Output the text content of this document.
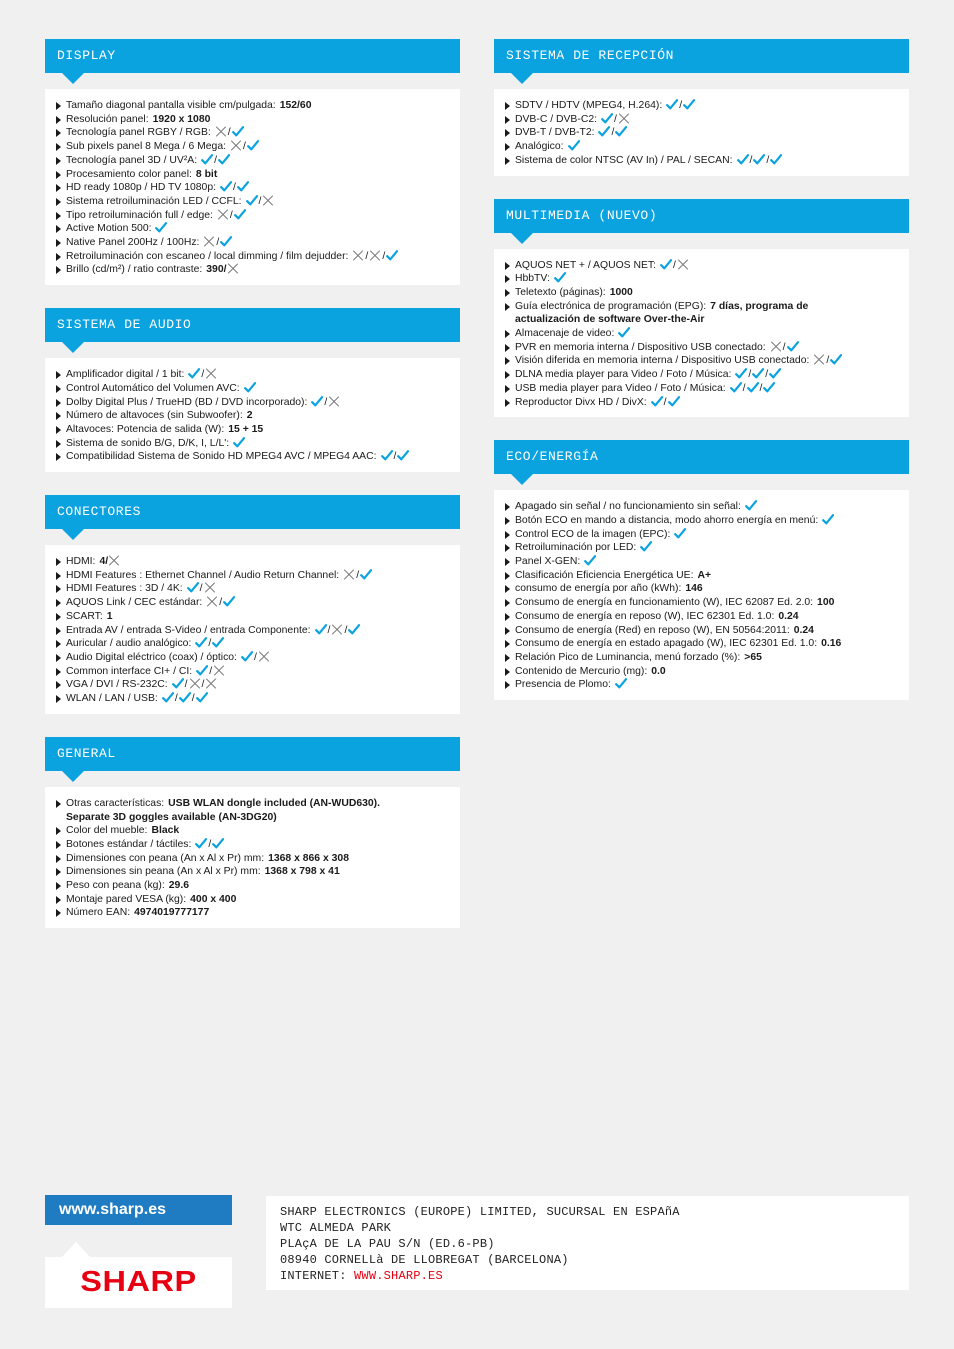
DISPLAY
Tamaño diagonal pantalla visible cm/pulgada: 152/60
Resolución panel: 1920 x 1080
Tecnología panel RGBY / RGB: /
Sub pixels panel 8 Mega / 6 Mega: /
Tecnología panel 3D / UV²A: /
Procesamiento color panel: 8 bit
HD ready 1080p / HD TV 1080p: /
Sistema retroiluminación LED / CCFL: /
Tipo retroiluminación full / edge: /
Active Motion 500:
Native Panel 200Hz / 100Hz: /
Retroiluminación con escaneo / local dimming / film dejudder: / /
Brillo (cd/m²) / ratio contraste: 390/
SISTEMA DE AUDIO
Amplificador digital / 1 bit: /
Control Automático del Volumen AVC:
Dolby Digital Plus / TrueHD (BD / DVD incorporado): /
Número de altavoces (sin Subwoofer): 2
Altavoces: Potencia de salida (W): 15 + 15
Sistema de sonido B/G, D/K, I, L/L':
Compatibilidad Sistema de Sonido HD MPEG4 AVC / MPEG4 AAC: /
CONECTORES
HDMI: 4/
HDMI Features : Ethernet Channel / Audio Return Channel: /
HDMI Features : 3D / 4K: /
AQUOS Link / CEC estándar: /
SCART: 1
Entrada AV / entrada S-Video / entrada Componente: / /
Auricular / audio analógico: /
Audio Digital eléctrico (coax) / óptico: /
Common interface CI+ / CI: /
VGA / DVI / RS-232C: / /
WLAN / LAN / USB: / /
GENERAL
Otras características: USB WLAN dongle included (AN-WUD630).
Separate 3D goggles available (AN-3DG20)
Color del mueble: Black
Botones estándar / táctiles: /
Dimensiones con peana (An x Al x Pr) mm: 1368 x 866 x 308
Dimensiones sin peana (An x Al x Pr) mm: 1368 x 798 x 41
Peso con peana (kg): 29.6
Montaje pared VESA (kg): 400 x 400
Número EAN: 4974019777177
SISTEMA DE RECEPCIÓN
SDTV / HDTV (MPEG4, H.264): /
DVB-C / DVB-C2: /
DVB-T / DVB-T2: /
Analógico:
Sistema de color NTSC (AV In) / PAL / SECAN: / /
MULTIMEDIA (NUEVO)
AQUOS NET + / AQUOS NET: /
HbbTV:
Teletexto (páginas): 1000
Guía electrónica de programación (EPG): 7 días, programa de
actualización de software Over-the-Air
Almacenaje de video:
PVR en memoria interna / Dispositivo USB conectado: /
Visión diferida en memoria interna / Dispositivo USB conectado: /
DLNA media player para Video / Foto / Música: / /
USB media player para Video / Foto / Música: / /
Reproductor Divx HD / DivX: /
ECO/ENERGÍA
Apagado sin señal / no funcionamiento sin señal:
Botón ECO en mando a distancia, modo ahorro energía en menú:
Control ECO de la imagen (EPC):
Retroiluminación por LED:
Panel X-GEN:
Clasificación Eficiencia Energética UE: A+
consumo de energía por año (kWh): 146
Consumo de energía en funcionamiento (W), IEC 62087 Ed. 2.0: 100
Consumo de energía en reposo (W), IEC 62301 Ed. 1.0: 0.24
Consumo de energía (Red) en reposo (W), EN 50564:2011: 0.24
Consumo de energía en estado apagado (W), IEC 62301 Ed. 1.0: 0.16
Relación Pico de Luminancia, menú forzado (%): >65
Contenido de Mercurio (mg): 0.0
Presencia de Plomo:
www.sharp.es
SHARP
SHARP ELECTRONICS (EUROPE) LIMITED, SUCURSAL EN ESPAñA
WTC ALMEDA PARK
PLAçA DE LA PAU S/N (ED.6-PB)
08940 CORNELLà DE LLOBREGAT (BARCELONA)
INTERNET: WWW.SHARP.ES
